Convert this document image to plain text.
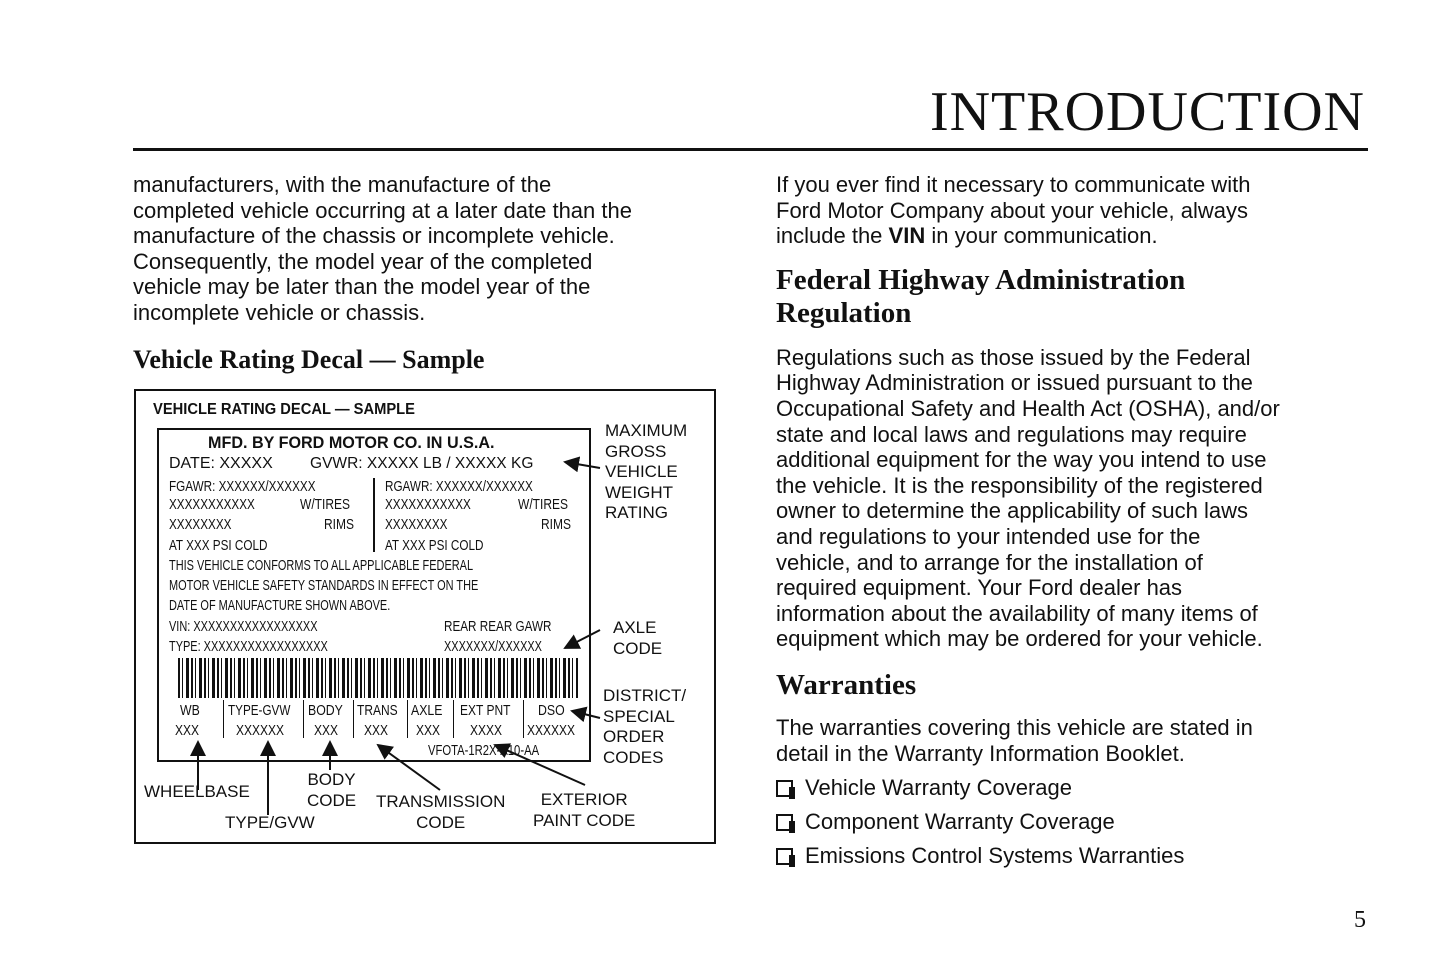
INTRODUCTION
manufacturers, with the manufacture of the
completed vehicle occurring at a later date than the
manufacture of the chassis or incomplete vehicle.
Consequently, the model year of the completed
vehicle may be later than the model year of the
incomplete vehicle or chassis.
Vehicle Rating Decal — Sample
VEHICLE RATING DECAL — SAMPLE
MFD. BY FORD MOTOR CO. IN U.S.A.
DATE: XXXXX GVWR: XXXXX LB / XXXXX KG
FGAWR: XXXXXX/XXXXXX	RGAWR: XXXXXX/XXXXXX
XXXXXXXXXXX	W/TIRES XXXXXXXXXXX	W/TIRES
XXXXXXXX	RIMS XXXXXXXX	RIMS
AT XXX PSI COLD	AT XXX PSI COLD
THIS VEHICLE CONFORMS TO ALL APPLICABLE FEDERAL
MOTOR VEHICLE SAFETY STANDARDS IN EFFECT ON THE
DATE OF MANUFACTURE SHOWN ABOVE.
VIN: XXXXXXXXXXXXXXXXX	REAR REAR GAWR
TYPE: XXXXXXXXXXXXXXXXX	XXXXXXX/XXXXXX
WB TYPE-GVW BODY TRANS AXLE EXT PNT DSO
XXX XXXXXX XXX XXX XXX XXXX XXXXXX
VFOTA-1R2X-A10-AA
MAXIMUM
GROSS
VEHICLE
WEIGHT
RATING
AXLE
CODE
DISTRICT/
SPECIAL
ORDER
CODES
WHEELBASE
BODY
CODE
TYPE/GVW
TRANSMISSION
CODE
EXTERIOR
PAINT CODE
If you ever find it necessary to communicate with
Ford Motor Company about your vehicle, always
include the VIN in your communication.
Federal Highway Administration
Regulation
Regulations such as those issued by the Federal
Highway Administration or issued pursuant to the
Occupational Safety and Health Act (OSHA), and/or
state and local laws and regulations may require
additional equipment for the way you intend to use
the vehicle. It is the responsibility of the registered
owner to determine the applicability of such laws
and regulations to your intended use for the
vehicle, and to arrange for the installation of
required equipment. Your Ford dealer has
information about the availability of many items of
equipment which may be ordered for your vehicle.
Warranties
The warranties covering this vehicle are stated in
detail in the Warranty Information Booklet.
Vehicle Warranty Coverage
Component Warranty Coverage
Emissions Control Systems Warranties
5
